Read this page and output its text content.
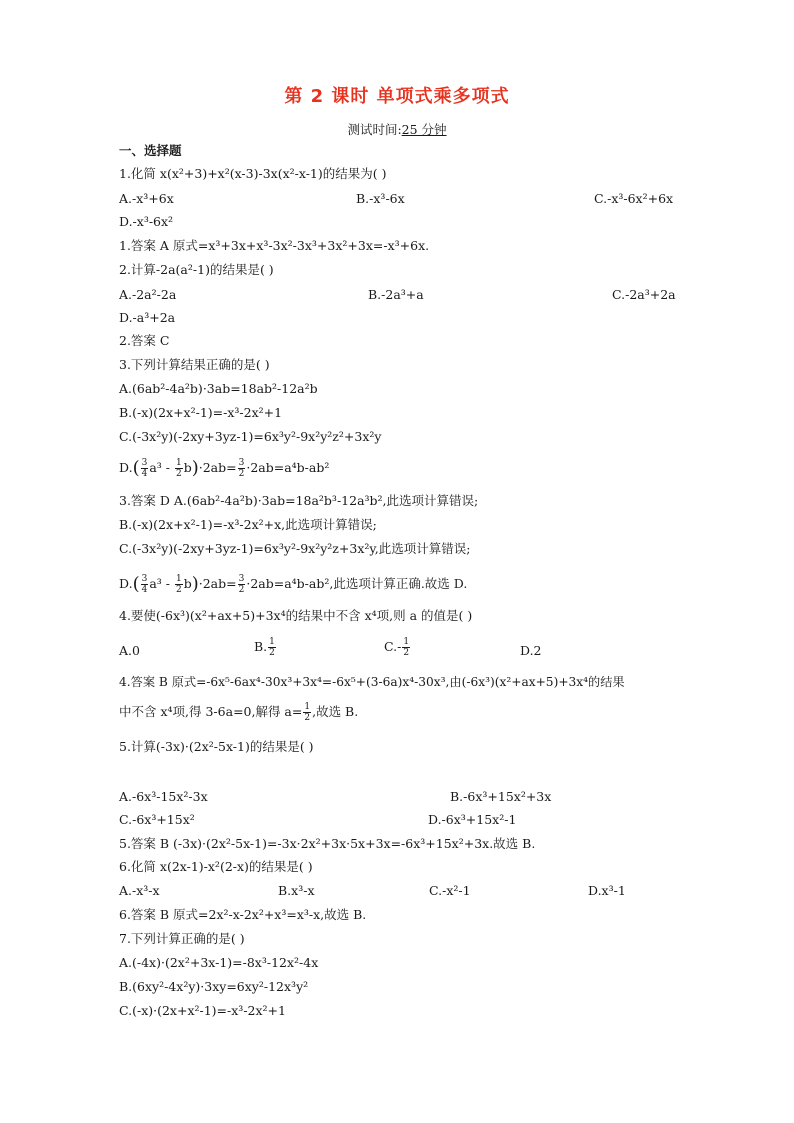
第 2 课时 单项式乘多项式
测试时间:25 分钟
一、选择题
1.化简 x(x²+3)+x²(x-3)-3x(x²-x-1)的结果为( )
A.-x³+6x	B.-x³-6x	C.-x³-6x²+6x
D.-x³-6x²
1.答案 A 原式=x³+3x+x³-3x²-3x³+3x²+3x=-x³+6x.
2.计算-2a(a²-1)的结果是( )
A.-2a²-2a	B.-2a³+a	C.-2a³+2a
D.-a³+2a
2.答案 C
3.下列计算结果正确的是( )
A.(6ab²-4a²b)·3ab=18ab²-12a²b
B.(-x)(2x+x²-1)=-x³-2x²+1
C.(-3x²y)(-2xy+3yz-1)=6x³y²-9x²y²z²+3x²y
$D.( \frac{3}{4} a^3 - \frac{1}{2} b)\cdot 2ab= \frac{3}{2} \cdot 2ab=a^4b-ab^2$
3.答案 D A.(6ab²-4a²b)·3ab=18a²b³-12a³b²,此选项计算错误;
B.(-x)(2x+x²-1)=-x³-2x²+x,此选项计算错误;
C.(-3x²y)(-2xy+3yz-1)=6x³y²-9x²y²z+3x²y,此选项计算错误;
$D.( \frac{3}{4} a^3 - \frac{1}{2} b)\cdot 2ab= \frac{3}{2} \cdot 2ab=a^4b-ab^2$,此选项计算正确.故选 D.
4.要使(-6x³)(x²+ax+5)+3x⁴的结果中不含 x⁴项,则 a 的值是( )
A.0	B. $\frac{1}{2}$	$C.- \frac{1}{2}$	D.2
4.答案 B 原式=-6x⁵-6ax⁴-30x³+3x⁴=-6x⁵+(3-6a)x⁴-30x³,由(-6x³)(x²+ax+5)+3x⁴的结果
中不含 x⁴项,得 3-6a=0,解得 $a= \frac{1}{2}$ ,故选 B.
5.计算(-3x)·(2x²-5x-1)的结果是( )
A.-6x³-15x²-3x	B.-6x³+15x²+3x
C.-6x³+15x²	D.-6x³+15x²-1
5.答案 B (-3x)·(2x²-5x-1)=-3x·2x²+3x·5x+3x=-6x³+15x²+3x.故选 B.
6.化简 x(2x-1)-x²(2-x)的结果是( )
A.-x³-x	B.x³-x	C.-x²-1	D.x³-1
6.答案 B 原式=2x²-x-2x²+x³=x³-x,故选 B.
7.下列计算正确的是( )
A.(-4x)·(2x²+3x-1)=-8x³-12x²-4x
B.(6xy²-4x²y)·3xy=6xy²-12x³y²
C.(-x)·(2x+x²-1)=-x³-2x²+1
